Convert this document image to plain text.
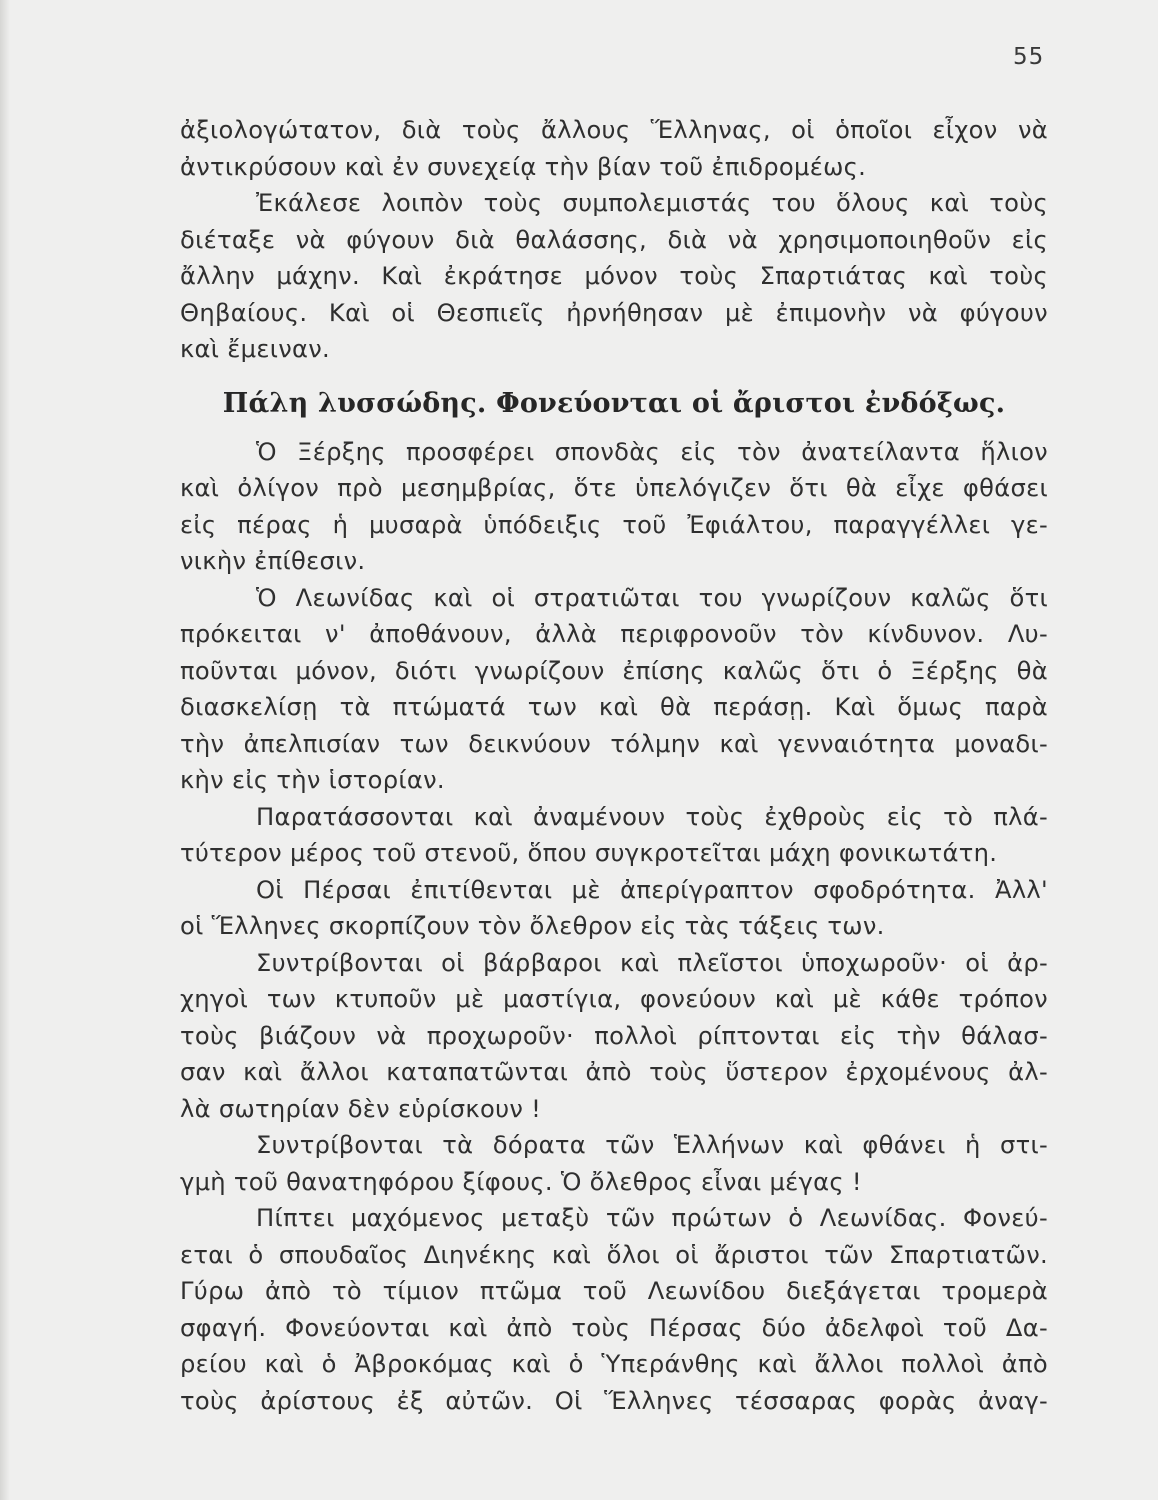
55
ἀξιολογώτατον, διὰ τοὺς ἄλλους Ἕλληνας, οἱ ὁποῖοι εἶχον νὰ
ἀντικρύσουν καὶ ἐν συνεχείᾳ τὴν βίαν τοῦ ἐπιδρομέως.
Ἐκάλεσε λοιπὸν τοὺς συμπολεμιστάς του ὅλους καὶ τοὺς
διέταξε νὰ φύγουν διὰ θαλάσσης, διὰ νὰ χρησιμοποιηθοῦν εἰς
ἄλλην μάχην. Καὶ ἐκράτησε μόνον τοὺς Σπαρτιάτας καὶ τοὺς
Θηβαίους. Καὶ οἱ Θεσπιεῖς ἠρνήθησαν μὲ ἐπιμονὴν νὰ φύγουν
καὶ ἔμειναν.
Πάλη λυσσώδης. Φονεύονται οἱ ἄριστοι ἐνδόξως.
Ὁ Ξέρξης προσφέρει σπονδὰς εἰς τὸν ἀνατείλαντα ἥλιον
καὶ ὀλίγον πρὸ μεσημβρίας, ὅτε ὑπελόγιζεν ὅτι θὰ εἶχε φθάσει
εἰς πέρας ἡ μυσαρὰ ὑπόδειξις τοῦ Ἐφιάλτου, παραγγέλλει γε-
νικὴν ἐπίθεσιν.
Ὁ Λεωνίδας καὶ οἱ στρατιῶται του γνωρίζουν καλῶς ὅτι
πρόκειται ν' ἀποθάνουν, ἀλλὰ περιφρονοῦν τὸν κίνδυνον. Λυ-
ποῦνται μόνον, διότι γνωρίζουν ἐπίσης καλῶς ὅτι ὁ Ξέρξης θὰ
διασκελίσῃ τὰ πτώματά των καὶ θὰ περάσῃ. Καὶ ὅμως παρὰ
τὴν ἀπελπισίαν των δεικνύουν τόλμην καὶ γενναιότητα μοναδι-
κὴν εἰς τὴν ἱστορίαν.
Παρατάσσονται καὶ ἀναμένουν τοὺς ἐχθροὺς εἰς τὸ πλά-
τύτερον μέρος τοῦ στενοῦ, ὅπου συγκροτεῖται μάχη φονικωτάτη.
Οἱ Πέρσαι ἐπιτίθενται μὲ ἀπερίγραπτον σφοδρότητα. Ἀλλ'
οἱ Ἕλληνες σκορπίζουν τὸν ὄλεθρον εἰς τὰς τάξεις των.
Συντρίβονται οἱ βάρβαροι καὶ πλεῖστοι ὑποχωροῦν· οἱ ἀρ-
χηγοὶ των κτυποῦν μὲ μαστίγια, φονεύουν καὶ μὲ κάθε τρόπον
τοὺς βιάζουν νὰ προχωροῦν· πολλοὶ ρίπτονται εἰς τὴν θάλασ-
σαν καὶ ἄλλοι καταπατῶνται ἀπὸ τοὺς ὕστερον ἐρχομένους ἀλ-
λὰ σωτηρίαν δὲν εὑρίσκουν !
Συντρίβονται τὰ δόρατα τῶν Ἑλλήνων καὶ φθάνει ἡ στι-
γμὴ τοῦ θανατηφόρου ξίφους. Ὁ ὄλεθρος εἶναι μέγας !
Πίπτει μαχόμενος μεταξὺ τῶν πρώτων ὁ Λεωνίδας. Φονεύ-
εται ὁ σπουδαῖος Διηνέκης καὶ ὅλοι οἱ ἄριστοι τῶν Σπαρτιατῶν.
Γύρω ἀπὸ τὸ τίμιον πτῶμα τοῦ Λεωνίδου διεξάγεται τρομερὰ
σφαγή. Φονεύονται καὶ ἀπὸ τοὺς Πέρσας δύο ἀδελφοὶ τοῦ Δα-
ρείου καὶ ὁ Ἀβροκόμας καὶ ὁ Ὑπεράνθης καὶ ἄλλοι πολλοὶ ἀπὸ
τοὺς ἀρίστους ἐξ αὐτῶν. Οἱ Ἕλληνες τέσσαρας φορὰς ἀναγ-
